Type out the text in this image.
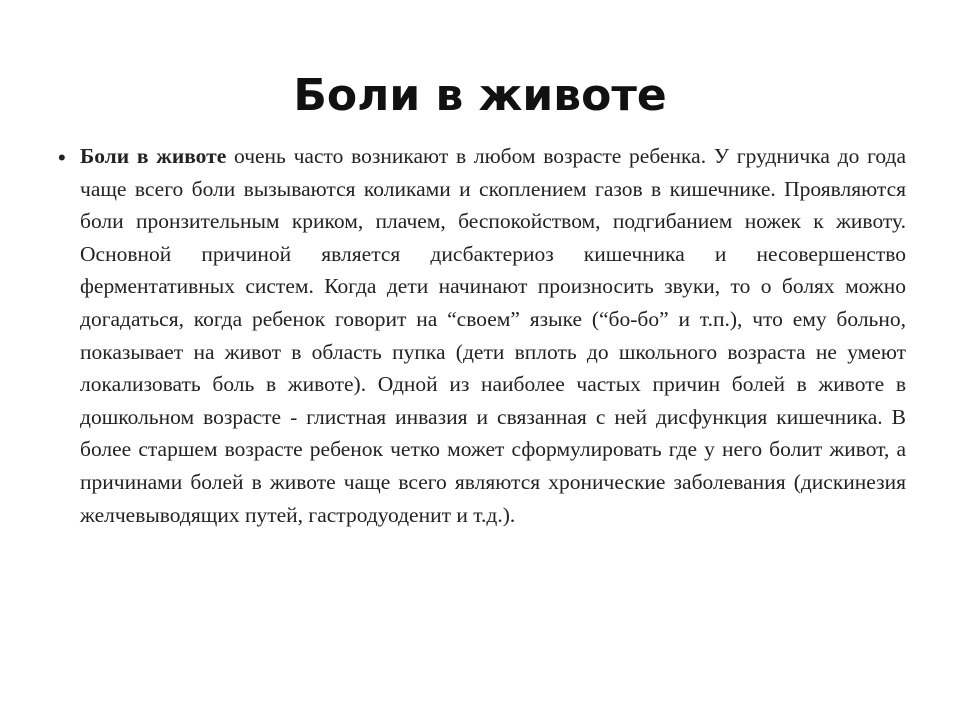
Боли в животе
• Боли в животе очень часто возникают в любом возрасте ребенка. У грудничка до года чаще всего боли вызываются коликами и скоплением газов в кишечнике. Проявляются боли пронзительным криком, плачем, беспокойством, подгибанием ножек к животу. Основной причиной является дисбактериоз кишечника и несовершенство ферментативных систем. Когда дети начинают произносить звуки, то о болях можно догадаться, когда ребенок говорит на “своем” языке (“бо-бо” и т.п.), что ему больно, показывает на живот в область пупка (дети вплоть до школьного возраста не умеют локализовать боль в животе). Одной из наиболее частых причин болей в животе в дошкольном возрасте - глистная инвазия и связанная с ней дисфункция кишечника. В более старшем возрасте ребенок четко может сформулировать где у него болит живот, а причинами болей в животе чаще всего являются хронические заболевания (дискинезия желчевыводящих путей, гастродуоденит и т.д.).
